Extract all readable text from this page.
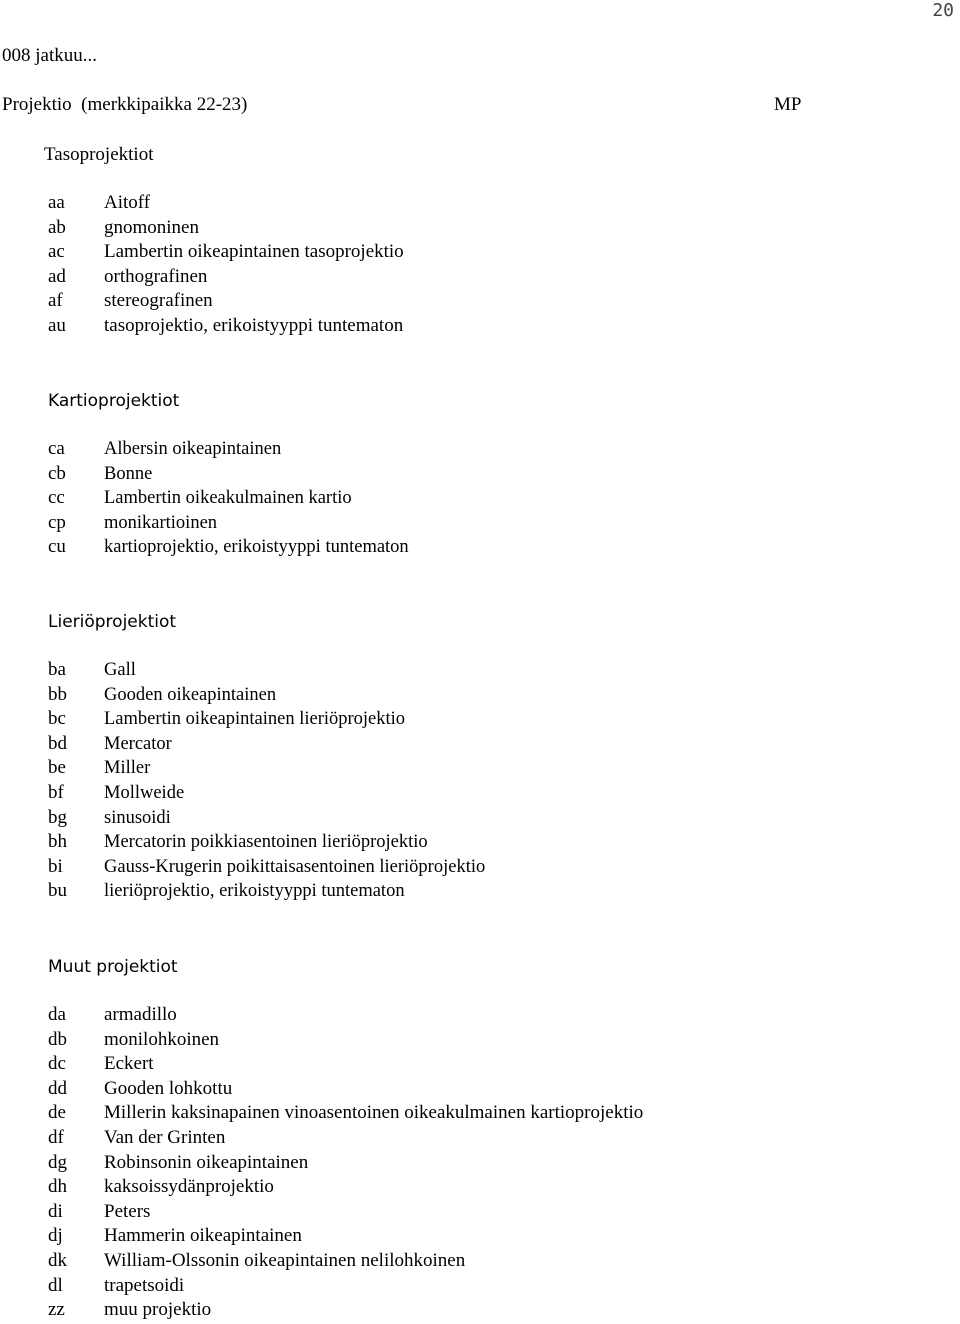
20
008 jatkuu...
Projektio  (merkkipaikka 22-23)	MP
Tasoprojektiot
aa	Aitoff
ab	gnomoninen
ac	Lambertin oikeapintainen tasoprojektio
ad	orthografinen
af	stereografinen
au	tasoprojektio, erikoistyyppi tuntematon
Kartioprojektiot
ca	Albersin oikeapintainen
cb	Bonne
cc	Lambertin oikeakulmainen kartio
cp	monikartioinen
cu	kartioprojektio, erikoistyyppi tuntematon
Lieriöprojektiot
ba	Gall
bb	Gooden oikeapintainen
bc	Lambertin oikeapintainen lieriöprojektio
bd	Mercator
be	Miller
bf	Mollweide
bg	sinusoidi
bh	Mercatorin poikkiasentoinen lieriöprojektio
bi	Gauss-Krugerin poikittaisasentoinen lieriöprojektio
bu	lieriöprojektio, erikoistyyppi tuntematon
Muut projektiot
da	armadillo
db	monilohkoinen
dc	Eckert
dd	Gooden lohkottu
de	Millerin kaksinapainen vinoasentoinen oikeakulmainen kartioprojektio
df	Van der Grinten
dg	Robinsonin oikeapintainen
dh	kaksoissydänprojektio
di	Peters
dj	Hammerin oikeapintainen
dk	William-Olssonin oikeapintainen nelilohkoinen
dl	trapetsoidi
zz	muu projektio
